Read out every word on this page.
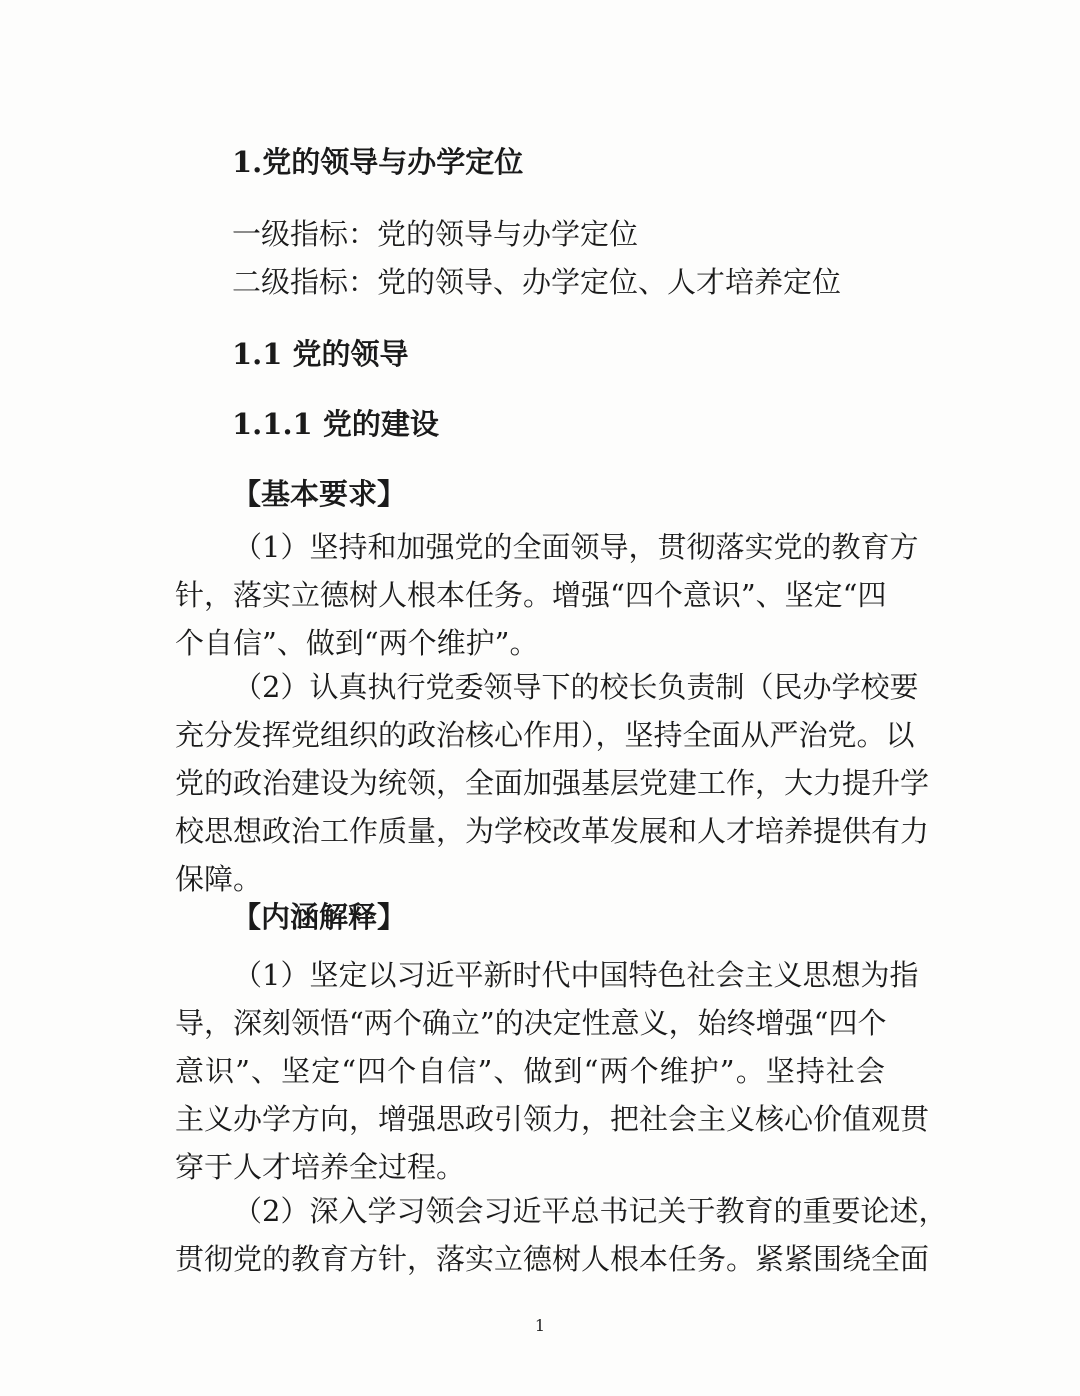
1.党的领导与办学定位
一级指标：党的领导与办学定位
二级指标：党的领导、办学定位、人才培养定位
1.1 党的领导
1.1.1 党的建设
【基本要求】
（1）坚持和加强党的全面领导，贯彻落实党的教育方
针，落实立德树人根本任务。增强“四个意识”、坚定“四
个自信”、做到“两个维护”。
（2）认真执行党委领导下的校长负责制（民办学校要
充分发挥党组织的政治核心作用），坚持全面从严治党。以
党的政治建设为统领，全面加强基层党建工作，大力提升学
校思想政治工作质量，为学校改革发展和人才培养提供有力
保障。
【内涵解释】
（1）坚定以习近平新时代中国特色社会主义思想为指
导，深刻领悟“两个确立”的决定性意义，始终增强“四个
意识”、坚定“四个自信”、做到“两个维护”。坚持社会
主义办学方向，增强思政引领力，把社会主义核心价值观贯
穿于人才培养全过程。
（2）深入学习领会习近平总书记关于教育的重要论述，
贯彻党的教育方针，落实立德树人根本任务。紧紧围绕全面
1
